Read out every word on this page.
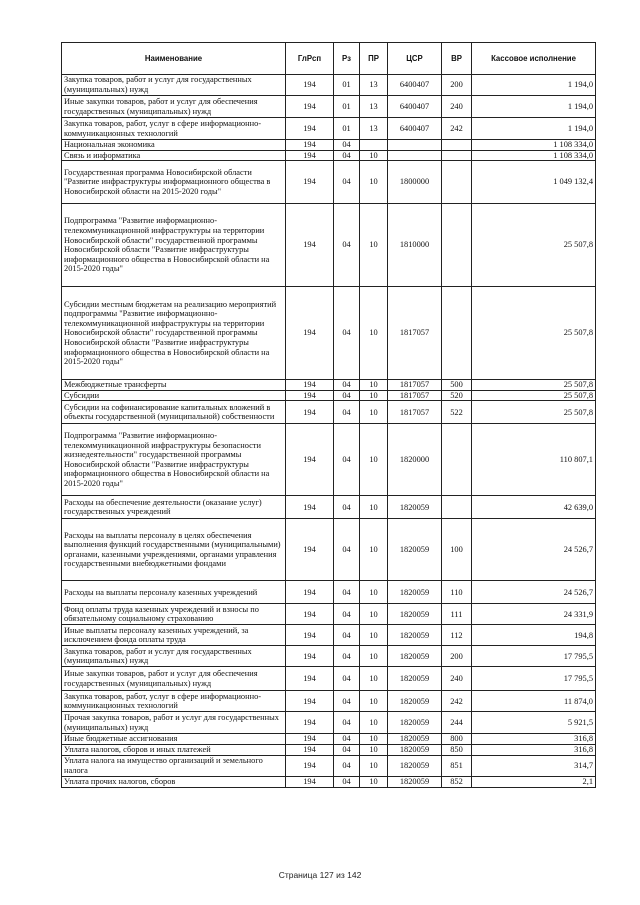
Наименование	ГлРсп	Рз	ПР	ЦСР	ВР	Кассовое исполнение
Закупка товаров, работ и услуг для государственных (муниципальных) нужд	194	01	13	6400407	200	1 194,0
Иные закупки товаров, работ и услуг для обеспечения государственных (муниципальных) нужд	194	01	13	6400407	240	1 194,0
Закупка товаров, работ, услуг в сфере информационно-коммуникационных технологий	194	01	13	6400407	242	1 194,0
Национальная экономика	194	04				1 108 334,0
Связь и информатика	194	04	10			1 108 334,0
Государственная программа Новосибирской области "Развитие инфраструктуры информационного общества в Новосибирской области на 2015-2020 годы"	194	04	10	1800000		1 049 132,4
Подпрограмма "Развитие информационно-телекоммуникационной инфраструктуры на территории Новосибирской области" государственной программы Новосибирской области "Развитие инфраструктуры информационного общества в Новосибирской области на 2015-2020 годы"	194	04	10	1810000		25 507,8
Субсидии местным бюджетам на реализацию мероприятий подпрограммы "Развитие информационно-телекоммуникационной инфраструктуры на территории Новосибирской области" государственной программы Новосибирской области "Развитие инфраструктуры информационного общества в Новосибирской области на 2015-2020 годы"	194	04	10	1817057		25 507,8
Межбюджетные трансферты	194	04	10	1817057	500	25 507,8
Субсидии	194	04	10	1817057	520	25 507,8
Субсидии на софинансирование капитальных вложений в объекты государственной (муниципальной) собственности	194	04	10	1817057	522	25 507,8
Подпрограмма "Развитие информационно-телекоммуникационной инфраструктуры безопасности жизнедеятельности" государственной программы Новосибирской области "Развитие инфраструктуры информационного общества в Новосибирской области на 2015-2020 годы"	194	04	10	1820000		110 807,1
Расходы на обеспечение деятельности (оказание услуг) государственных учреждений	194	04	10	1820059		42 639,0
Расходы на выплаты персоналу в целях обеспечения выполнения функций государственными (муниципальными) органами, казенными учреждениями, органами управления государственными внебюджетными фондами	194	04	10	1820059	100	24 526,7
Расходы на выплаты персоналу казенных учреждений	194	04	10	1820059	110	24 526,7
Фонд оплаты труда казенных учреждений и взносы по обязательному социальному страхованию	194	04	10	1820059	111	24 331,9
Иные выплаты персоналу казенных учреждений, за исключением фонда оплаты труда	194	04	10	1820059	112	194,8
Закупка товаров, работ и услуг для государственных (муниципальных) нужд	194	04	10	1820059	200	17 795,5
Иные закупки товаров, работ и услуг для обеспечения государственных (муниципальных) нужд	194	04	10	1820059	240	17 795,5
Закупка товаров, работ, услуг в сфере информационно-коммуникационных технологий	194	04	10	1820059	242	11 874,0
Прочая закупка товаров, работ и услуг для государственных (муниципальных) нужд	194	04	10	1820059	244	5 921,5
Иные бюджетные ассигнования	194	04	10	1820059	800	316,8
Уплата налогов, сборов и иных платежей	194	04	10	1820059	850	316,8
Уплата налога на имущество организаций и земельного налога	194	04	10	1820059	851	314,7
Уплата прочих налогов, сборов	194	04	10	1820059	852	2,1
Страница 127 из 142
